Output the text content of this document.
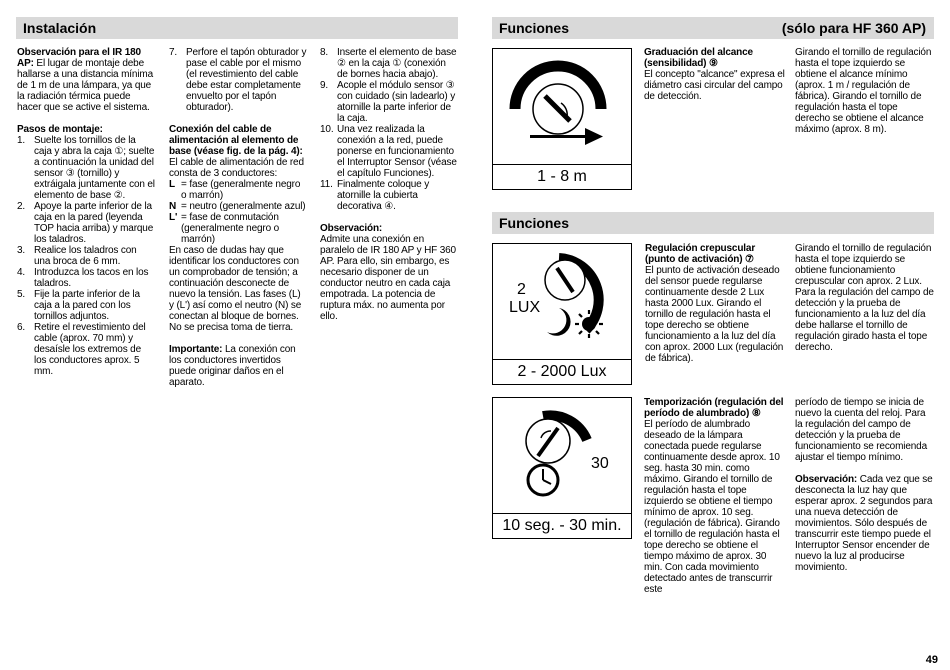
Instalación

Observación para el IR 180 AP: El lugar de montaje debe hallarse a una distancia mínima de 1 m de una lámpara, ya que la radiación térmica puede hacer que se active el sistema.

Pasos de montaje:
1. Suelte los tornillos de la caja y abra la caja ①; suelte a continuación la unidad del sensor ③ (tornillo) y extráigala juntamente con el elemento de base ②.
2. Apoye la parte inferior de la caja en la pared (leyenda TOP hacia arriba) y marque los taladros.
3. Realice los taladros con una broca de 6 mm.
4. Introduzca los tacos en los taladros.
5. Fije la parte inferior de la caja a la pared con los tornillos adjuntos.
6. Retire el revestimiento del cable (aprox. 70 mm) y desaísle los extremos de los conductores aprox. 5 mm.
7. Perfore el tapón obturador y pase el cable por el mismo (el revestimiento del cable debe estar completamente envuelto por el tapón obturador).
Conexión del cable de alimentación al elemento de base (véase fig. de la pág. 4):
El cable de alimentación de red consta de 3 conductores:
L = fase (generalmente negro o marrón)
N = neutro (generalmente azul)
L' = fase de conmutación (generalmente negro o marrón)

En caso de dudas hay que identificar los conductores con un comprobador de tensión; a continuación desconecte de nuevo la tensión. Las fases (L) y (L') así como el neutro (N) se conectan al bloque de bornes. No se precisa toma de tierra.

Importante: La conexión con los conductores invertidos puede originar daños en el aparato.

8. Inserte el elemento de base ② en la caja ① (conexión de bornes hacia abajo).
9. Acople el módulo sensor ③ con cuidado (sin ladearlo) y atornille la parte inferior de la caja.
10. Una vez realizada la conexión a la red, puede ponerse en funcionamiento el Interruptor Sensor (véase el capítulo Funciones).
11. Finalmente coloque y atornille la cubierta decorativa ④.
Observación:
Admite una conexión en paralelo de IR 180 AP y HF 360 AP. Para ello, sin embargo, es necesario disponer de un conductor neutro en cada caja empotrada. La potencia de ruptura máx. no aumenta por ello.
Funciones	(sólo para HF 360 AP)
Funciones
1 - 8 m
2
LUX
2 - 2000 Lux
30
10 seg. - 30 min.
Graduación del alcance (sensibilidad) ⑨
El concepto "alcance" expresa el diámetro casi circular del campo de detección.
Girando el tornillo de regulación hasta el tope izquierdo se obtiene el alcance mínimo (aprox. 1 m / regulación de fábrica). Girando el tornillo de regulación hasta el tope derecho se obtiene el alcance máximo (aprox. 8 m).
Regulación crepuscular (punto de activación) ⑦
El punto de activación deseado del sensor puede regularse continuamente desde 2 Lux hasta 2000 Lux. Girando el tornillo de regulación hasta el tope derecho se obtiene funcionamiento a la luz del día con aprox. 2000 Lux (regulación de fábrica).
Girando el tornillo de regulación hasta el tope izquierdo se obtiene funcionamiento crepuscular con aprox. 2 Lux. Para la regulación del campo de detección y la prueba de funcionamiento a la luz del día debe hallarse el tornillo de regulación girado hasta el tope derecho.
Temporización (regulación del período de alumbrado) ⑧
El período de alumbrado deseado de la lámpara conectada puede regularse continuamente desde aprox. 10 seg. hasta 30 min. como máximo. Girando el tornillo de regulación hasta el tope izquierdo se obtiene el tiempo mínimo de aprox. 10 seg. (regulación de fábrica). Girando el tornillo de regulación hasta el tope derecho se obtiene el tiempo máximo de aprox. 30 min. Con cada movimiento detectado antes de transcurrir este

período de tiempo se inicia de nuevo la cuenta del reloj. Para la regulación del campo de detección y la prueba de funcionamiento se recomienda ajustar el tiempo mínimo.

Observación: Cada vez que se desconecta la luz hay que esperar aprox. 2 segundos para una nueva detección de movimientos. Sólo después de transcurrir este tiempo puede el Interruptor Sensor encender de nuevo la luz al producirse movimiento.
49
